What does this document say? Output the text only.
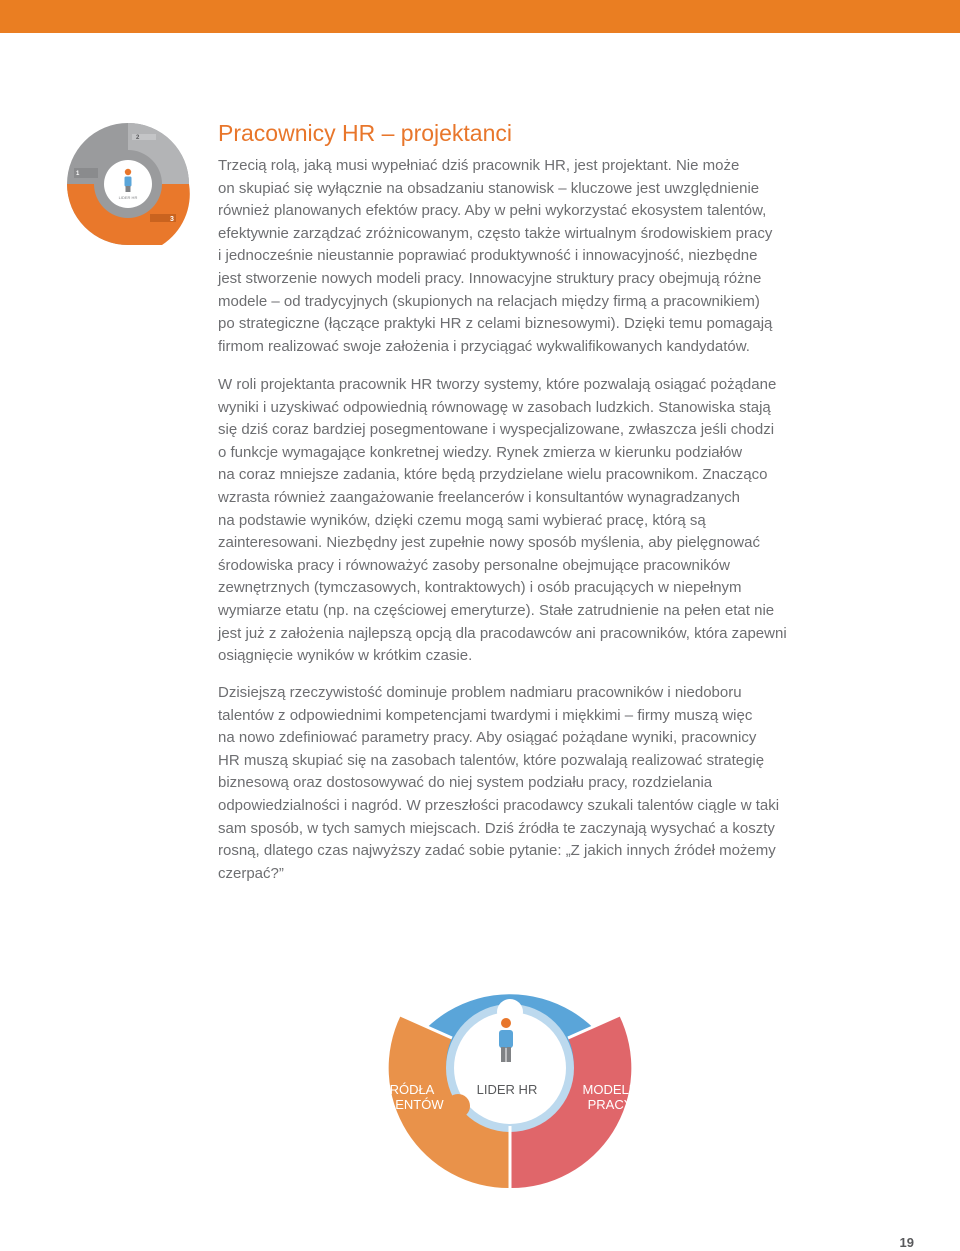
LIDER HR
2
1
3
Pracownicy HR – projektanci

Trzecią rolą, jaką musi wypełniać dziś pracownik HR, jest projektant. Nie może
on skupiać się wyłącznie na obsadzaniu stanowisk – kluczowe jest uwzględnienie
również planowanych efektów pracy. Aby w pełni wykorzystać ekosystem talentów,
efektywnie zarządzać zróżnicowanym, często także wirtualnym środowiskiem pracy
i jednocześnie nieustannie poprawiać produktywność i innowacyjność, niezbędne
jest stworzenie nowych modeli pracy. Innowacyjne struktury pracy obejmują różne
modele – od tradycyjnych (skupionych na relacjach między firmą a pracownikiem)
po strategiczne (łączące praktyki HR z celami biznesowymi). Dzięki temu pomagają
firmom realizować swoje założenia i przyciągać wykwalifikowanych kandydatów.

W roli projektanta pracownik HR tworzy systemy, które pozwalają osiągać pożądane
wyniki i uzyskiwać odpowiednią równowagę w zasobach ludzkich. Stanowiska stają
się dziś coraz bardziej posegmentowane i wyspecjalizowane, zwłaszcza jeśli chodzi
o funkcje wymagające konkretnej wiedzy. Rynek zmierza w kierunku podziałów
na coraz mniejsze zadania, które będą przydzielane wielu pracownikom. Znacząco
wzrasta również zaangażowanie freelancerów i konsultantów wynagradzanych
na podstawie wyników, dzięki czemu mogą sami wybierać pracę, którą są
zainteresowani. Niezbędny jest zupełnie nowy sposób myślenia, aby pielęgnować
środowiska pracy i równoważyć zasoby personalne obejmujące pracowników
zewnętrznych (tymczasowych, kontraktowych) i osób pracujących w niepełnym
wymiarze etatu (np. na częściowej emeryturze). Stałe zatrudnienie na pełen etat nie
jest już z założenia najlepszą opcją dla pracodawców ani pracowników, która zapewni
osiągnięcie wyników w krótkim czasie.

Dzisiejszą rzeczywistość dominuje problem nadmiaru pracowników i niedoboru
talentów z odpowiednimi kompetencjami twardymi i miękkimi – firmy muszą więc
na nowo zdefiniować parametry pracy. Aby osiągać pożądane wyniki, pracownicy
HR muszą skupiać się na zasobach talentów, które pozwalają realizować strategię
biznesową oraz dostosowywać do niej system podziału pracy, rozdzielania
odpowiedzialności i nagród. W przeszłości pracodawcy szukali talentów ciągle w taki
sam sposób, w tych samych miejscach. Dziś źródła te zaczynają wysychać a koszty
rosną, dlatego czas najwyższy zadać sobie pytanie: „Z jakich innych źródeł możemy
czerpać?”

PRAKTYKI HR
LIDER HR
ŹRÓDŁA
TALENTÓW
MODELE
PRACY
19
